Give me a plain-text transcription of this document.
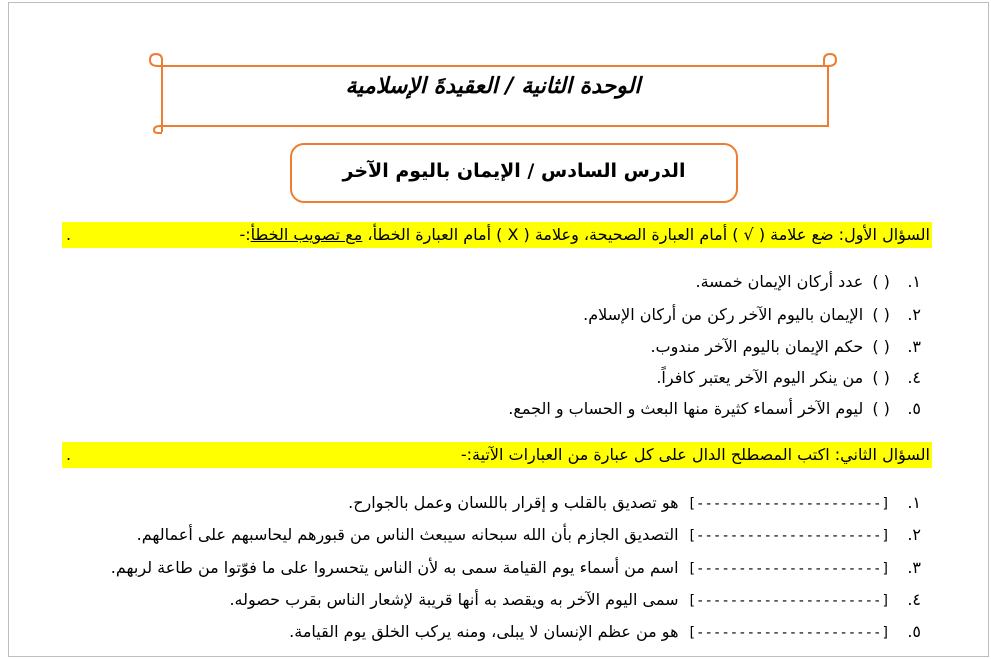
الوحدة الثانية / العقيدةَ الإسلامية
الدرس السادس / الإيمان باليوم الآخر
السؤال الأول: ضع علامة ( √ ) أمام العبارة الصحيحة، وعلامة ( X ) أمام العبارة الخطأ، مع تصويب الخطأ:-
.
١. ( ) عدد أركان الإيمان خمسة.
٢. ( ) الإيمان باليوم الآخر ركن من أركان الإسلام.
٣. ( ) حكم الإيمان باليوم الآخر مندوب.
٤. ( ) من ينكر اليوم الآخر يعتبر كافراً.
٥. ( ) ليوم الآخر أسماء كثيرة منها البعث و الحساب و الجمع.
السؤال الثاني: اكتب المصطلح الدال على كل عبارة من العبارات الآتية:-
.
١. [----------------------] هو تصديق بالقلب و إقرار باللسان وعمل بالجوارح.
٢. [----------------------] التصديق الجازم بأن الله سبحانه سيبعث الناس من قبورهم ليحاسبهم على أعمالهم.
٣. [----------------------] اسم من أسماء يوم القيامة سمى به لأن الناس يتحسروا على ما فوّتوا من طاعة لربهم.
٤. [----------------------] سمى اليوم الآخر به ويقصد به أنها قريبة لإشعار الناس بقرب حصوله.
٥. [----------------------] هو من عظم الإنسان لا يبلى، ومنه يركب الخلق يوم القيامة.
